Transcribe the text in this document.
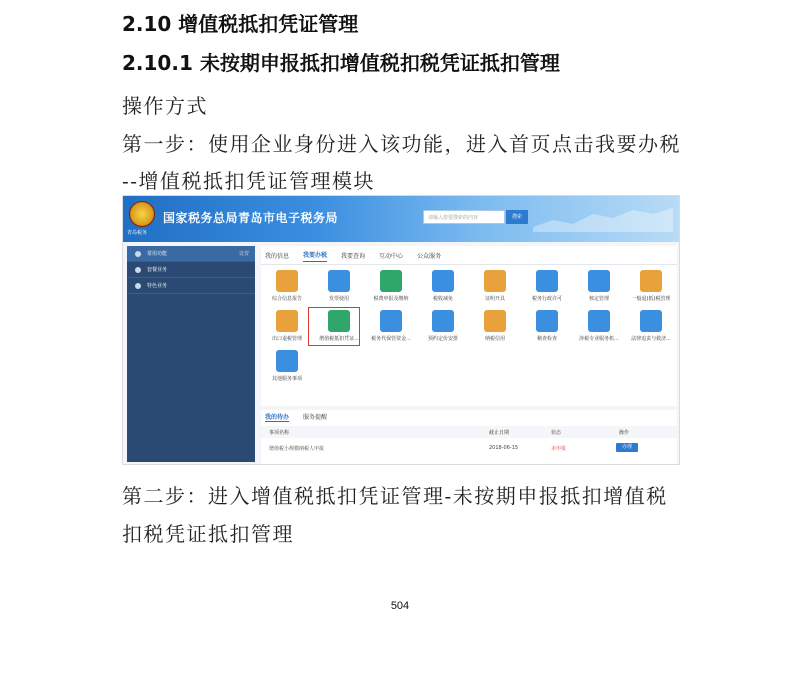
2.10 增值税抵扣凭证管理
2.10.1 未按期申报抵扣增值税扣税凭证抵扣管理
操作方式
第一步：使用企业身份进入该功能，进入首页点击我要办税
--增值税抵扣凭证管理模块
青岛税务
国家税务总局青岛市电子税务局	请输入您要搜索的内容	搜索
常用功能	设置
套餐业务
特色业务
我的信息 我要办税 我要查询 互动中心 公众服务
综合信息报告	发票使用	税费申报及缴纳	税收减免	证明开具	税务行政许可	核定管理	一般退(抵)税管理
出口退税管理	增值税抵扣凭证...	税务代保管资金...	预约定价安排	纳税信用	稽查检查	涉税专业服务机...	法律追责与救济...
其他服务事项
我的待办 服务提醒
事项名称	截止日期	状态	操作
增值税小规模纳税人申报	2018-06-15	未申报	办理
第二步：进入增值税抵扣凭证管理-未按期申报抵扣增值税
扣税凭证抵扣管理
504
